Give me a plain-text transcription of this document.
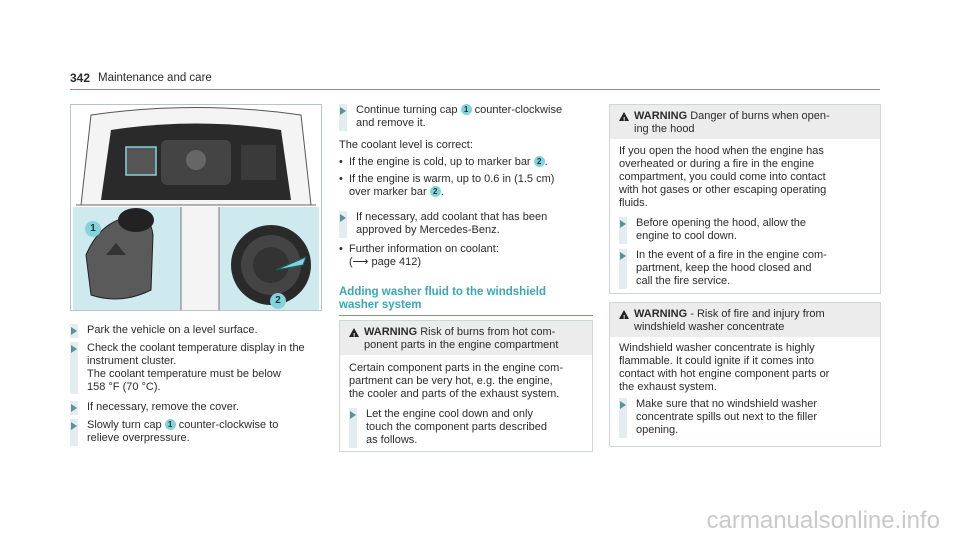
342 Maintenance and care
1
2
Park the vehicle on a level surface.
Check the coolant temperature display in the
instrument cluster.
The coolant temperature must be below
158 °F (70 °C).
If necessary, remove the cover.
Slowly turn cap 1 counter-clockwise to
relieve overpressure.
Continue turning cap 1 counter-clockwise
and remove it.
The coolant level is correct:
• If the engine is cold, up to marker bar 2 .
• If the engine is warm, up to 0.6 in (1.5 cm)
over marker bar 2 .
If necessary, add coolant that has been
approved by Mercedes-Benz.
• Further information on coolant:
(⟶ page 412)
Adding washer fluid to the windshield
washer system
! WARNING Risk of burns from hot com-
ponent parts in the engine compartment
Certain component parts in the engine com-
partment can be very hot, e.g. the engine,
the cooler and parts of the exhaust system.
Let the engine cool down and only
touch the component parts described
as follows.
! WARNING Danger of burns when open-
ing the hood
If you open the hood when the engine has
overheated or during a fire in the engine
compartment, you could come into contact
with hot gases or other escaping operating
fluids.
Before opening the hood, allow the
engine to cool down.
In the event of a fire in the engine com-
partment, keep the hood closed and
call the fire service.
! WARNING - Risk of fire and injury from
windshield washer concentrate
Windshield washer concentrate is highly
flammable. It could ignite if it comes into
contact with hot engine component parts or
the exhaust system.
Make sure that no windshield washer
concentrate spills out next to the filler
opening.
carmanualsonline.info
